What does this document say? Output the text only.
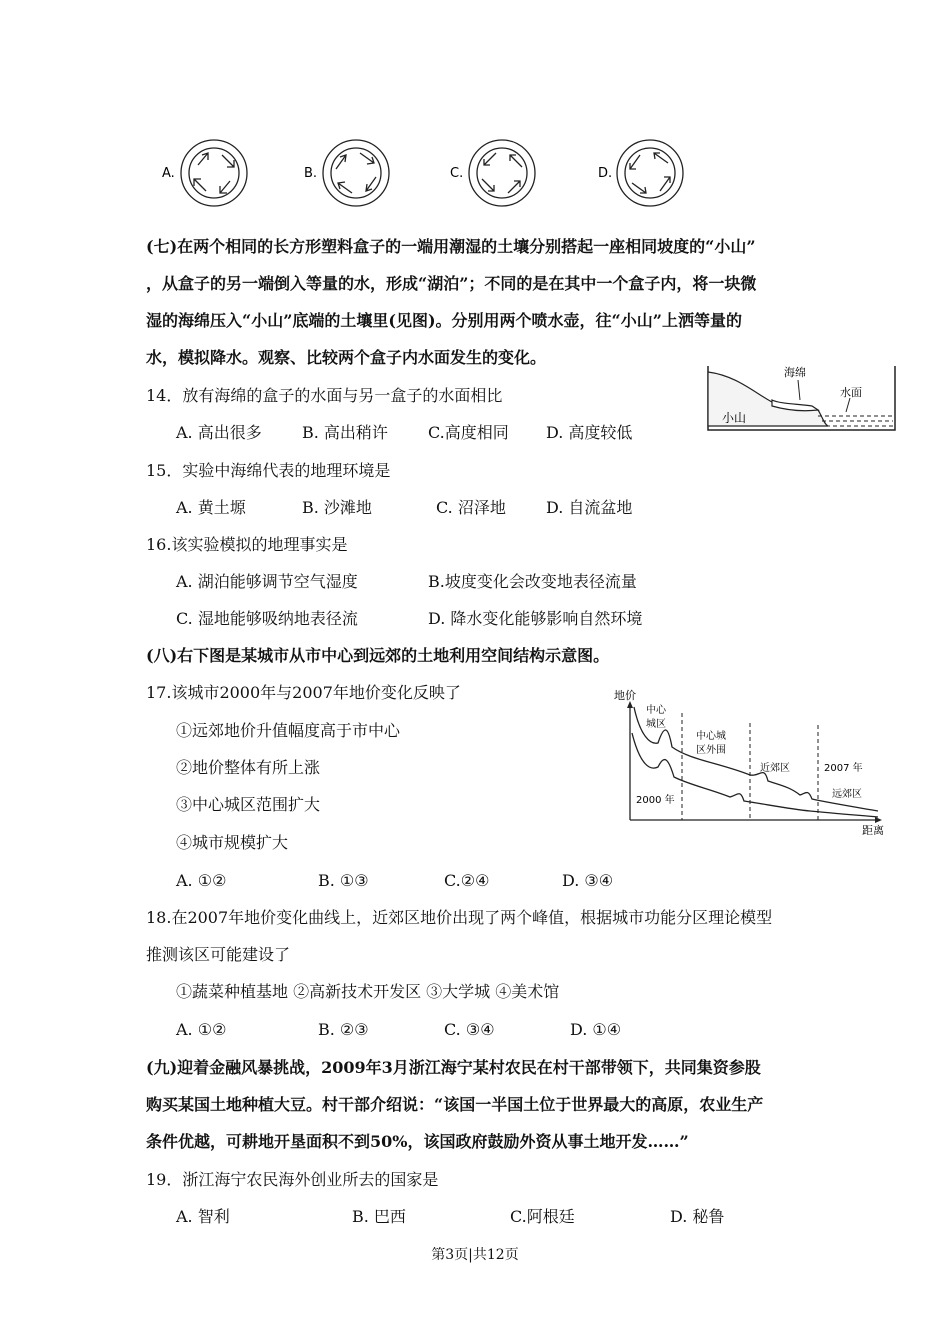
A.	B.	C.	D.
(七)在两个相同的长方形塑料盒子的一端用潮湿的土壤分别搭起一座相同坡度的“小山”
，从盒子的另一端倒入等量的水，形成“湖泊”；不同的是在其中一个盒子内，将一块微
湿的海绵压入“小山”底端的土壤里(见图)。分别用两个喷水壶，往“小山”上洒等量的
水，模拟降水。观察、比较两个盒子内水面发生的变化。
海绵
水面
小山
14．放有海绵的盒子的水面与另一盒子的水面相比
A. 高出很多	B. 高出稍许	C.高度相同 D. 高度较低
15．实验中海绵代表的地理环境是
A. 黄土塬	B. 沙滩地	C. 沼泽地	D. 自流盆地
16.该实验模拟的地理事实是
A. 湖泊能够调节空气湿度	B.坡度变化会改变地表径流量
C. 湿地能够吸纳地表径流	D. 降水变化能够影响自然环境
(八)右下图是某城市从市中心到远郊的土地利用空间结构示意图。
17.该城市2000年与2007年地价变化反映了
①远郊地价升值幅度高于市中心
②地价整体有所上涨
③中心城区范围扩大
④城市规模扩大
A. ①②	B. ①③	C.②④	D. ③④
地价
距离
中心
城区
中心城
区外围
近郊区	2007 年
远郊区
2000 年
18.在2007年地价变化曲线上，近郊区地价出现了两个峰值，根据城市功能分区理论模型
推测该区可能建设了
①蔬菜种植基地 ②高新技术开发区 ③大学城 ④美术馆
A. ①②	B. ②③	C. ③④	D. ①④
(九)迎着金融风暴挑战，2009年3月浙江海宁某村农民在村干部带领下，共同集资参股
购买某国土地种植大豆。村干部介绍说：“该国一半国土位于世界最大的高原，农业生产
条件优越，可耕地开垦面积不到50%，该国政府鼓励外资从事土地开发……”
19．浙江海宁农民海外创业所去的国家是
A. 智利	B. 巴西	C.阿根廷	D. 秘鲁
第3页|共12页
